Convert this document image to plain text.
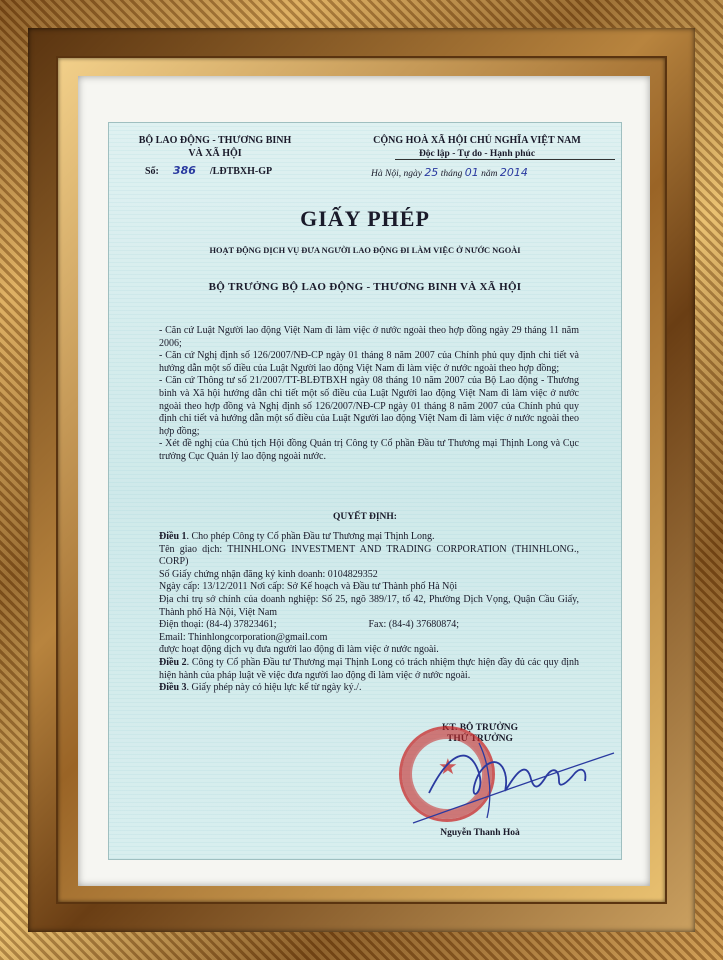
BỘ LAO ĐỘNG - THƯƠNG BINH
VÀ XÃ HỘI
Số: 386 /LĐTBXH-GP
CỘNG HOÀ XÃ HỘI CHỦ NGHĨA VIỆT NAM
Độc lập - Tự do - Hạnh phúc
Hà Nội, ngày 25 tháng 01 năm 2014
GIẤY PHÉP
HOẠT ĐỘNG DỊCH VỤ ĐƯA NGƯỜI LAO ĐỘNG ĐI LÀM VIỆC Ở NƯỚC NGOÀI
BỘ TRƯỞNG BỘ LAO ĐỘNG - THƯƠNG BINH VÀ XÃ HỘI

- Căn cứ Luật Người lao động Việt Nam đi làm việc ở nước ngoài theo hợp đồng ngày 29 tháng 11 năm 2006;

- Căn cứ Nghị định số 126/2007/NĐ-CP ngày 01 tháng 8 năm 2007 của Chính phủ quy định chi tiết và hướng dẫn một số điều của Luật Người lao động Việt Nam đi làm việc ở nước ngoài theo hợp đồng;

- Căn cứ Thông tư số 21/2007/TT-BLĐTBXH ngày 08 tháng 10 năm 2007 của Bộ Lao động - Thương binh và Xã hội hướng dẫn chi tiết một số điều của Luật Người lao động Việt Nam đi làm việc ở nước ngoài theo hợp đồng và Nghị định số 126/2007/NĐ-CP ngày 01 tháng 8 năm 2007 của Chính phủ quy định chi tiết và hướng dẫn một số điều của Luật Người lao động Việt Nam đi làm việc ở nước ngoài theo hợp đồng;

- Xét đề nghị của Chủ tịch Hội đồng Quản trị Công ty Cổ phần Đầu tư Thương mại Thịnh Long và Cục trưởng Cục Quản lý lao động ngoài nước.

QUYẾT ĐỊNH:

Điều 1. Cho phép Công ty Cổ phần Đầu tư Thương mại Thịnh Long.

Tên giao dịch: THINHLONG INVESTMENT AND TRADING CORPORATION (THINHLONG., CORP)

Số Giấy chứng nhận đăng ký kinh doanh: 0104829352

Ngày cấp: 13/12/2011 Nơi cấp: Sở Kế hoạch và Đầu tư Thành phố Hà Nội

Địa chỉ trụ sở chính của doanh nghiệp: Số 25, ngõ 389/17, tổ 42, Phường Dịch Vọng, Quận Cầu Giấy, Thành phố Hà Nội, Việt Nam

Điện thoại: (84-4) 37823461;	Fax: (84-4) 37680874;

Email: Thinhlongcorporation@gmail.com

được hoạt động dịch vụ đưa người lao động đi làm việc ở nước ngoài.

Điều 2. Công ty Cổ phần Đầu tư Thương mại Thịnh Long có trách nhiệm thực hiện đầy đủ các quy định hiện hành của pháp luật về việc đưa người lao động đi làm việc ở nước ngoài.

Điều 3. Giấy phép này có hiệu lực kể từ ngày ký./.

KT. BỘ TRƯỞNG
THỨ TRƯỞNG
★
Nguyễn Thanh Hoà
